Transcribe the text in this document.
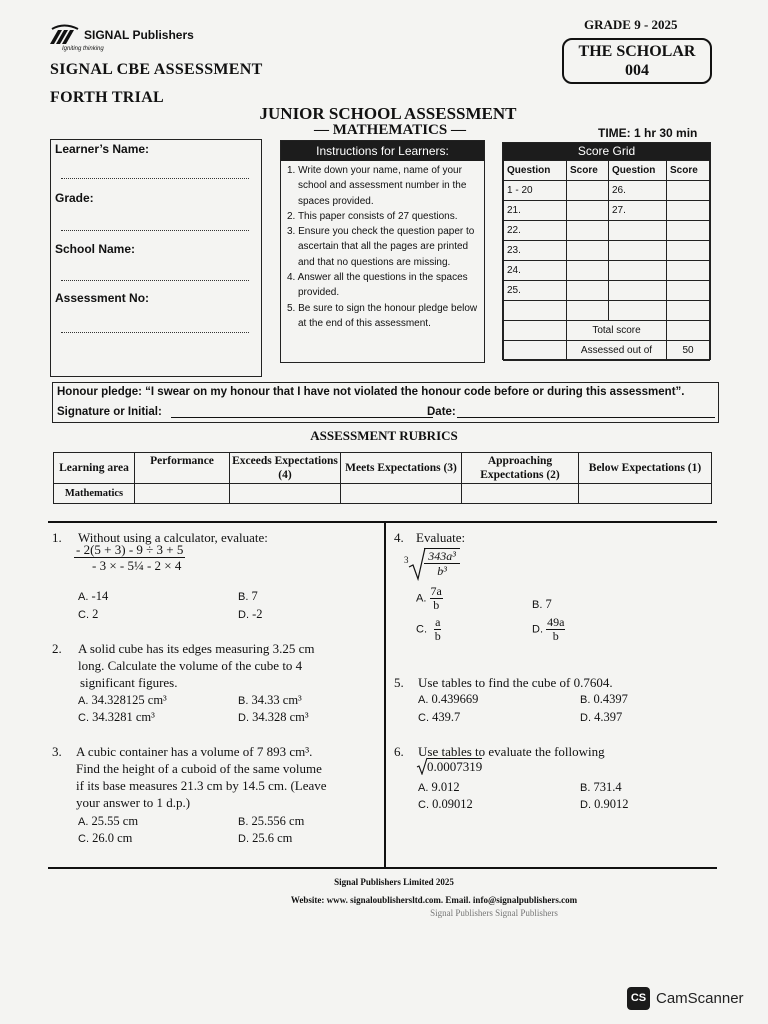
SIGNAL Publishers
Igniting thinking
GRADE 9 - 2025
THE SCHOLAR
004
SIGNAL CBE ASSESSMENT
FORTH TRIAL
JUNIOR SCHOOL ASSESSMENT
— MATHEMATICS —	TIME: 1 hr 30 min
Learner’s Name:
Grade:
School Name:
Assessment No:
Instructions for Learners:
1. Write down your name, name of your school and assessment number in the spaces provided.
2. This paper consists of 27 questions.
3. Ensure you check the question paper to ascertain that all the pages are printed and that no questions are missing.
4. Answer all the questions in the spaces provided.
5. Be sure to sign the honour pledge below at the end of this assessment.
Score Grid
Question	Score	Question	Score
1 - 20		26.	
21.		27.	
22.			
23.			
24.			
25.			

	Total score		
	Assessed out of		50
Honour pledge: “I swear on my honour that I have not violated the honour code before or during this assessment”.
Signature or Initial:	Date:
ASSESSMENT RUBRICS
Learning area	Performance	Exceeds Expectations (4)	Meets Expectations (3)	Approaching Expectations (2)	Below Expectations (1)
Mathematics					
1. Without using a calculator, evaluate:
$\frac{- 2(5 + 3) - 9 \div 3 + 5}{\text{- 3 × - 5¼ - 2 × 4}}$
A. -14	B. 7
C. 2	D. -2
2. A solid cube has its edges measuring 3.25 cm
long. Calculate the volume of the cube to 4
significant figures.
A. 34.328125 cm³	B. 34.33 cm³
C. 34.3281 cm³	D. 34.328 cm³
3. A cubic container has a volume of 7 893 cm³.
Find the height of a cuboid of the same volume
if its base measures 21.3 cm by 14.5 cm. (Leave
your answer to 1 d.p.)
A. 25.55 cm	B. 25.556 cm
C. 26.0 cm	D. 25.6 cm
4. Evaluate:
$3 \frac{\text{343a³}}{\text{b³}}$
A. $\frac{7a}{b}$	B. 7
C. $\frac{a}{b}$	D. $\frac{49a}{b}$
5. Use tables to find the cube of 0.7604.
A. 0.439669	B. 0.4397
C. 439.7	D. 4.397
6. Use tables to evaluate the following
0.0007319
A. 9.012	B. 731.4
C. 0.09012	D. 0.9012
Signal Publishers Limited 2025
Website: www. signaloublishersltd.com. Email. info@signalpublishers.com
Signal Publishers Signal Publishers
CS CamScanner
